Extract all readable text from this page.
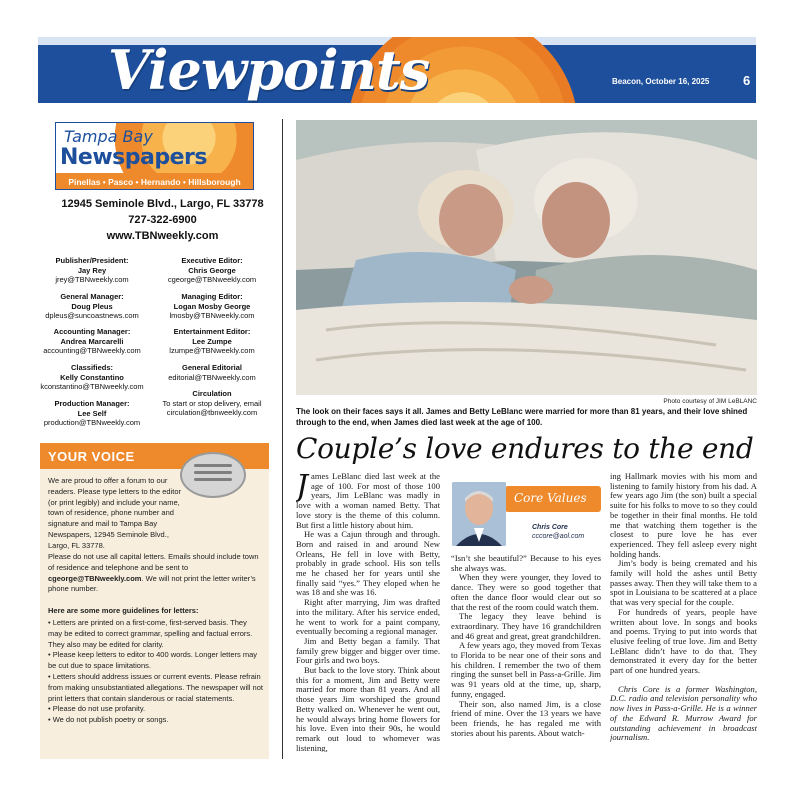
Viewpoints	Beacon, October 16, 2025	6
Tampa Bay
Newspapers
Pinellas • Pasco • Hernando • Hillsborough
12945 Seminole Blvd., Largo, FL 33778
727-322-6900
www.TBNweekly.com
Publisher/President:
Jay Rey
jrey@TBNweekly.com
General Manager:
Doug Pleus
dpleus@suncoastnews.com
Accounting Manager:
Andrea Marcarelli
accounting@TBNweekly.com
Classifieds:
Kelly Constantino
kconstantino@TBNweekly.com
Production Manager:
Lee Self
production@TBNweekly.com
Executive Editor:
Chris George
cgeorge@TBNweekly.com
Managing Editor:
Logan Mosby George
lmosby@TBNweekly.com
Entertainment Editor:
Lee Zumpe
lzumpe@TBNweekly.com
General Editorial
editorial@TBNweekly.com
Circulation
To start or stop delivery, email circulation@tbnweekly.com
YOUR VOICE
We are proud to offer a forum to our readers. Please type letters to the editor (or print legibly) and include your name, town of residence, phone number and signature and mail to Tampa Bay Newspapers, 12945 Seminole Blvd., Largo, FL 33778.
Please do not use all capital letters. Emails should include town of residence and telephone and be sent to cgeorge@TBNweekly.com. We will not print the letter writer’s phone number.
Here are some more guidelines for letters:
• Letters are printed on a first-come, first-served basis. They may be edited to correct grammar, spelling and factual errors. They also may be edited for clarity.
• Please keep letters to editor to 400 words. Longer letters may be cut due to space limitations.
• Letters should address issues or current events. Please refrain from making unsubstantiated allegations. The newspaper will not print letters that contain slanderous or racial statements.
• Please do not use profanity.
• We do not publish poetry or songs.
Photo courtesy of JIM LeBLANC
The look on their faces says it all. James and Betty LeBlanc were married for more than 81 years, and their love shined through to the end, when James died last week at the age of 100.
Couple’s love endures to the end

James LeBlanc died last week at the age of 100. For most of those 100 years, Jim LeBlanc was madly in love with a woman named Betty. That love story is the theme of this column. But first a little history about him.

He was a Cajun through and through. Born and raised in and around New Orleans, He fell in love with Betty, probably in grade school. His son tells me he chased her for years until she finally said “yes.” They eloped when he was 18 and she was 16.

Right after marrying, Jim was drafted into the military. After his service ended, he went to work for a paint company, eventually becoming a regional manager.

Jim and Betty began a family. That family grew bigger and bigger over time. Four girls and two boys.

But back to the love story. Think about this for a moment, Jim and Betty were married for more than 81 years. And all those years Jim worshiped the ground Betty walked on. Whenever he went out, he would always bring home flowers for his love. Even into their 90s, he would remark out loud to whomever was listening,

Core Values
Chris Core
cccore@aol.com

“Isn’t she beautiful?” Because to his eyes she always was.

When they were younger, they loved to dance. They were so good together that often the dance floor would clear out so that the rest of the room could watch them.

The legacy they leave behind is extraordinary. They have 16 grandchildren and 46 great and great, great grandchildren.

A few years ago, they moved from Texas to Florida to be near one of their sons and his children. I remember the two of them ringing the sunset bell in Pass-a-Grille. Jim was 91 years old at the time, up, sharp, funny, engaged.

Their son, also named Jim, is a close friend of mine. Over the 13 years we have been friends, he has regaled me with stories about his parents. About watch-

ing Hallmark movies with his mom and listening to family history from his dad. A few years ago Jim (the son) built a special suite for his folks to move to so they could be together in their final months. He told me that watching them together is the closest to pure love he has ever experienced. They fell asleep every night holding hands.

Jim’s body is being cremated and his family will hold the ashes until Betty passes away. Then they will take them to a spot in Louisiana to be scattered at a place that was very special for the couple.

For hundreds of years, people have written about love. In songs and books and poems. Trying to put into words that elusive feeling of true love. Jim and Betty LeBlanc didn’t have to do that. They demonstrated it every day for the better part of one hundred years.

Chris Core is a former Washington, D.C. radio and television personality who now lives in Pass-a-Grille. He is a winner of the Edward R. Murrow Award for outstanding achievement in broadcast journalism.
